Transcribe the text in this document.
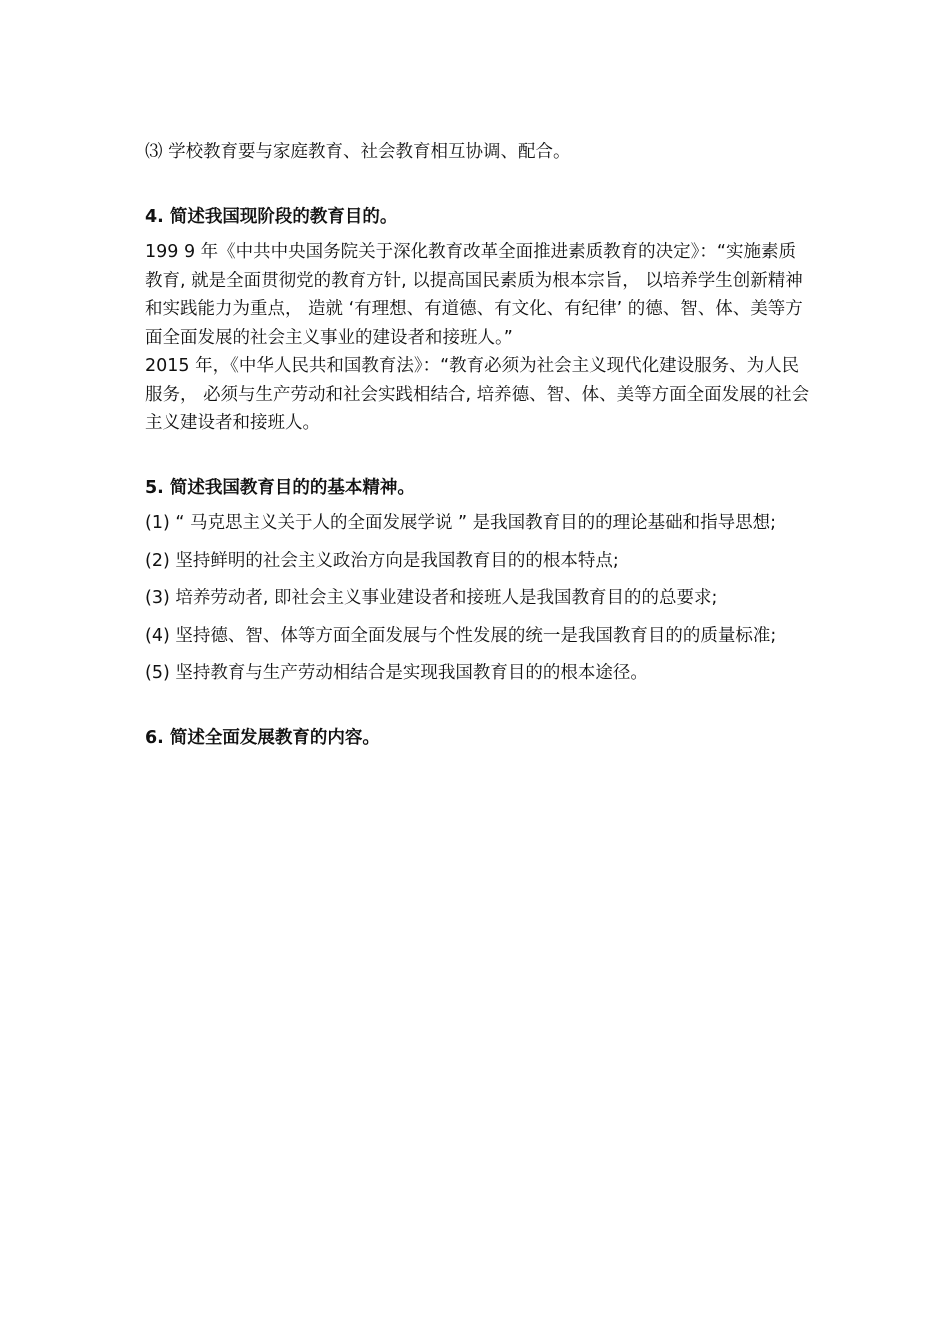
⑶ 学校教育要与家庭教育、社会教育相互协调、配合。

4. 简述我国现阶段的教育目的。

199 9 年《中共中央国务院关于深化教育改革全面推进素质教育的决定》：“实施素质教育, 就是全面贯彻党的教育方针, 以提高国民素质为根本宗旨， 以培养学生创新精神和实践能力为重点， 造就 ‘有理想、有道德、有文化、有纪律’ 的德、智、体、美等方面全面发展的社会主义事业的建设者和接班人。”

2015 年，《中华人民共和国教育法》：“教育必须为社会主义现代化建设服务、为人民服务， 必须与生产劳动和社会实践相结合, 培养德、智、体、美等方面全面发展的社会主义建设者和接班人。

5. 简述我国教育目的的基本精神。

(1) “ 马克思主义关于人的全面发展学说 ” 是我国教育目的的理论基础和指导思想;

(2) 坚持鲜明的社会主义政治方向是我国教育目的的根本特点;

(3) 培养劳动者, 即社会主义事业建设者和接班人是我国教育目的的总要求;

(4) 坚持德、智、体等方面全面发展与个性发展的统一是我国教育目的的质量标准;

(5) 坚持教育与生产劳动相结合是实现我国教育目的的根本途径。

6. 简述全面发展教育的内容。
